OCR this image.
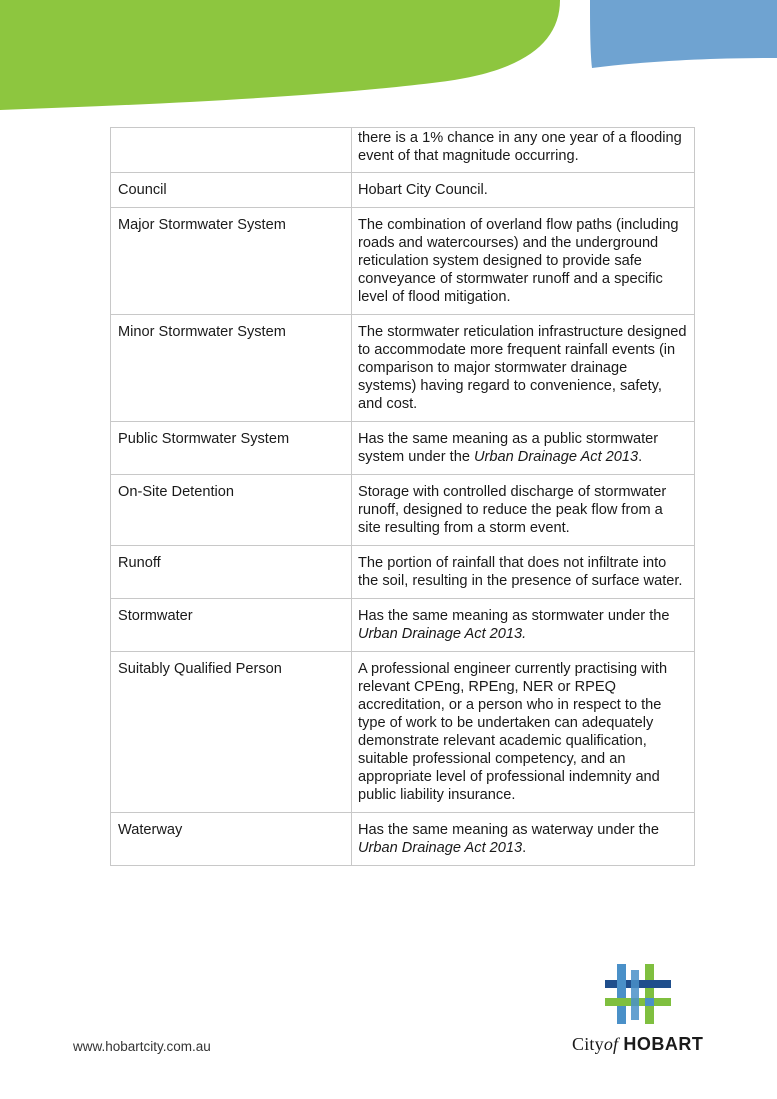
	there is a 1% chance in any one year of a flooding event of that magnitude occurring.
Council	Hobart City Council.
Major Stormwater System	The combination of overland flow paths (including roads and watercourses) and the underground reticulation system designed to provide safe conveyance of stormwater runoff and a specific level of flood mitigation.
Minor Stormwater System	The stormwater reticulation infrastructure designed to accommodate more frequent rainfall events (in comparison to major stormwater drainage systems) having regard to convenience, safety, and cost.
Public Stormwater System	Has the same meaning as a public stormwater system under the Urban Drainage Act 2013.
On-Site Detention	Storage with controlled discharge of stormwater runoff, designed to reduce the peak flow from a site resulting from a storm event.
Runoff	The portion of rainfall that does not infiltrate into the soil, resulting in the presence of surface water.
Stormwater	Has the same meaning as stormwater under the Urban Drainage Act 2013.
Suitably Qualified Person	A professional engineer currently practising with relevant CPEng, RPEng, NER or RPEQ accreditation, or a person who in respect to the type of work to be undertaken can adequately demonstrate relevant academic qualification, suitable professional competency, and an appropriate level of professional indemnity and public liability insurance.
Waterway	Has the same meaning as waterway under the Urban Drainage Act 2013.
www.hobartcity.com.au	Cityof HOBART
